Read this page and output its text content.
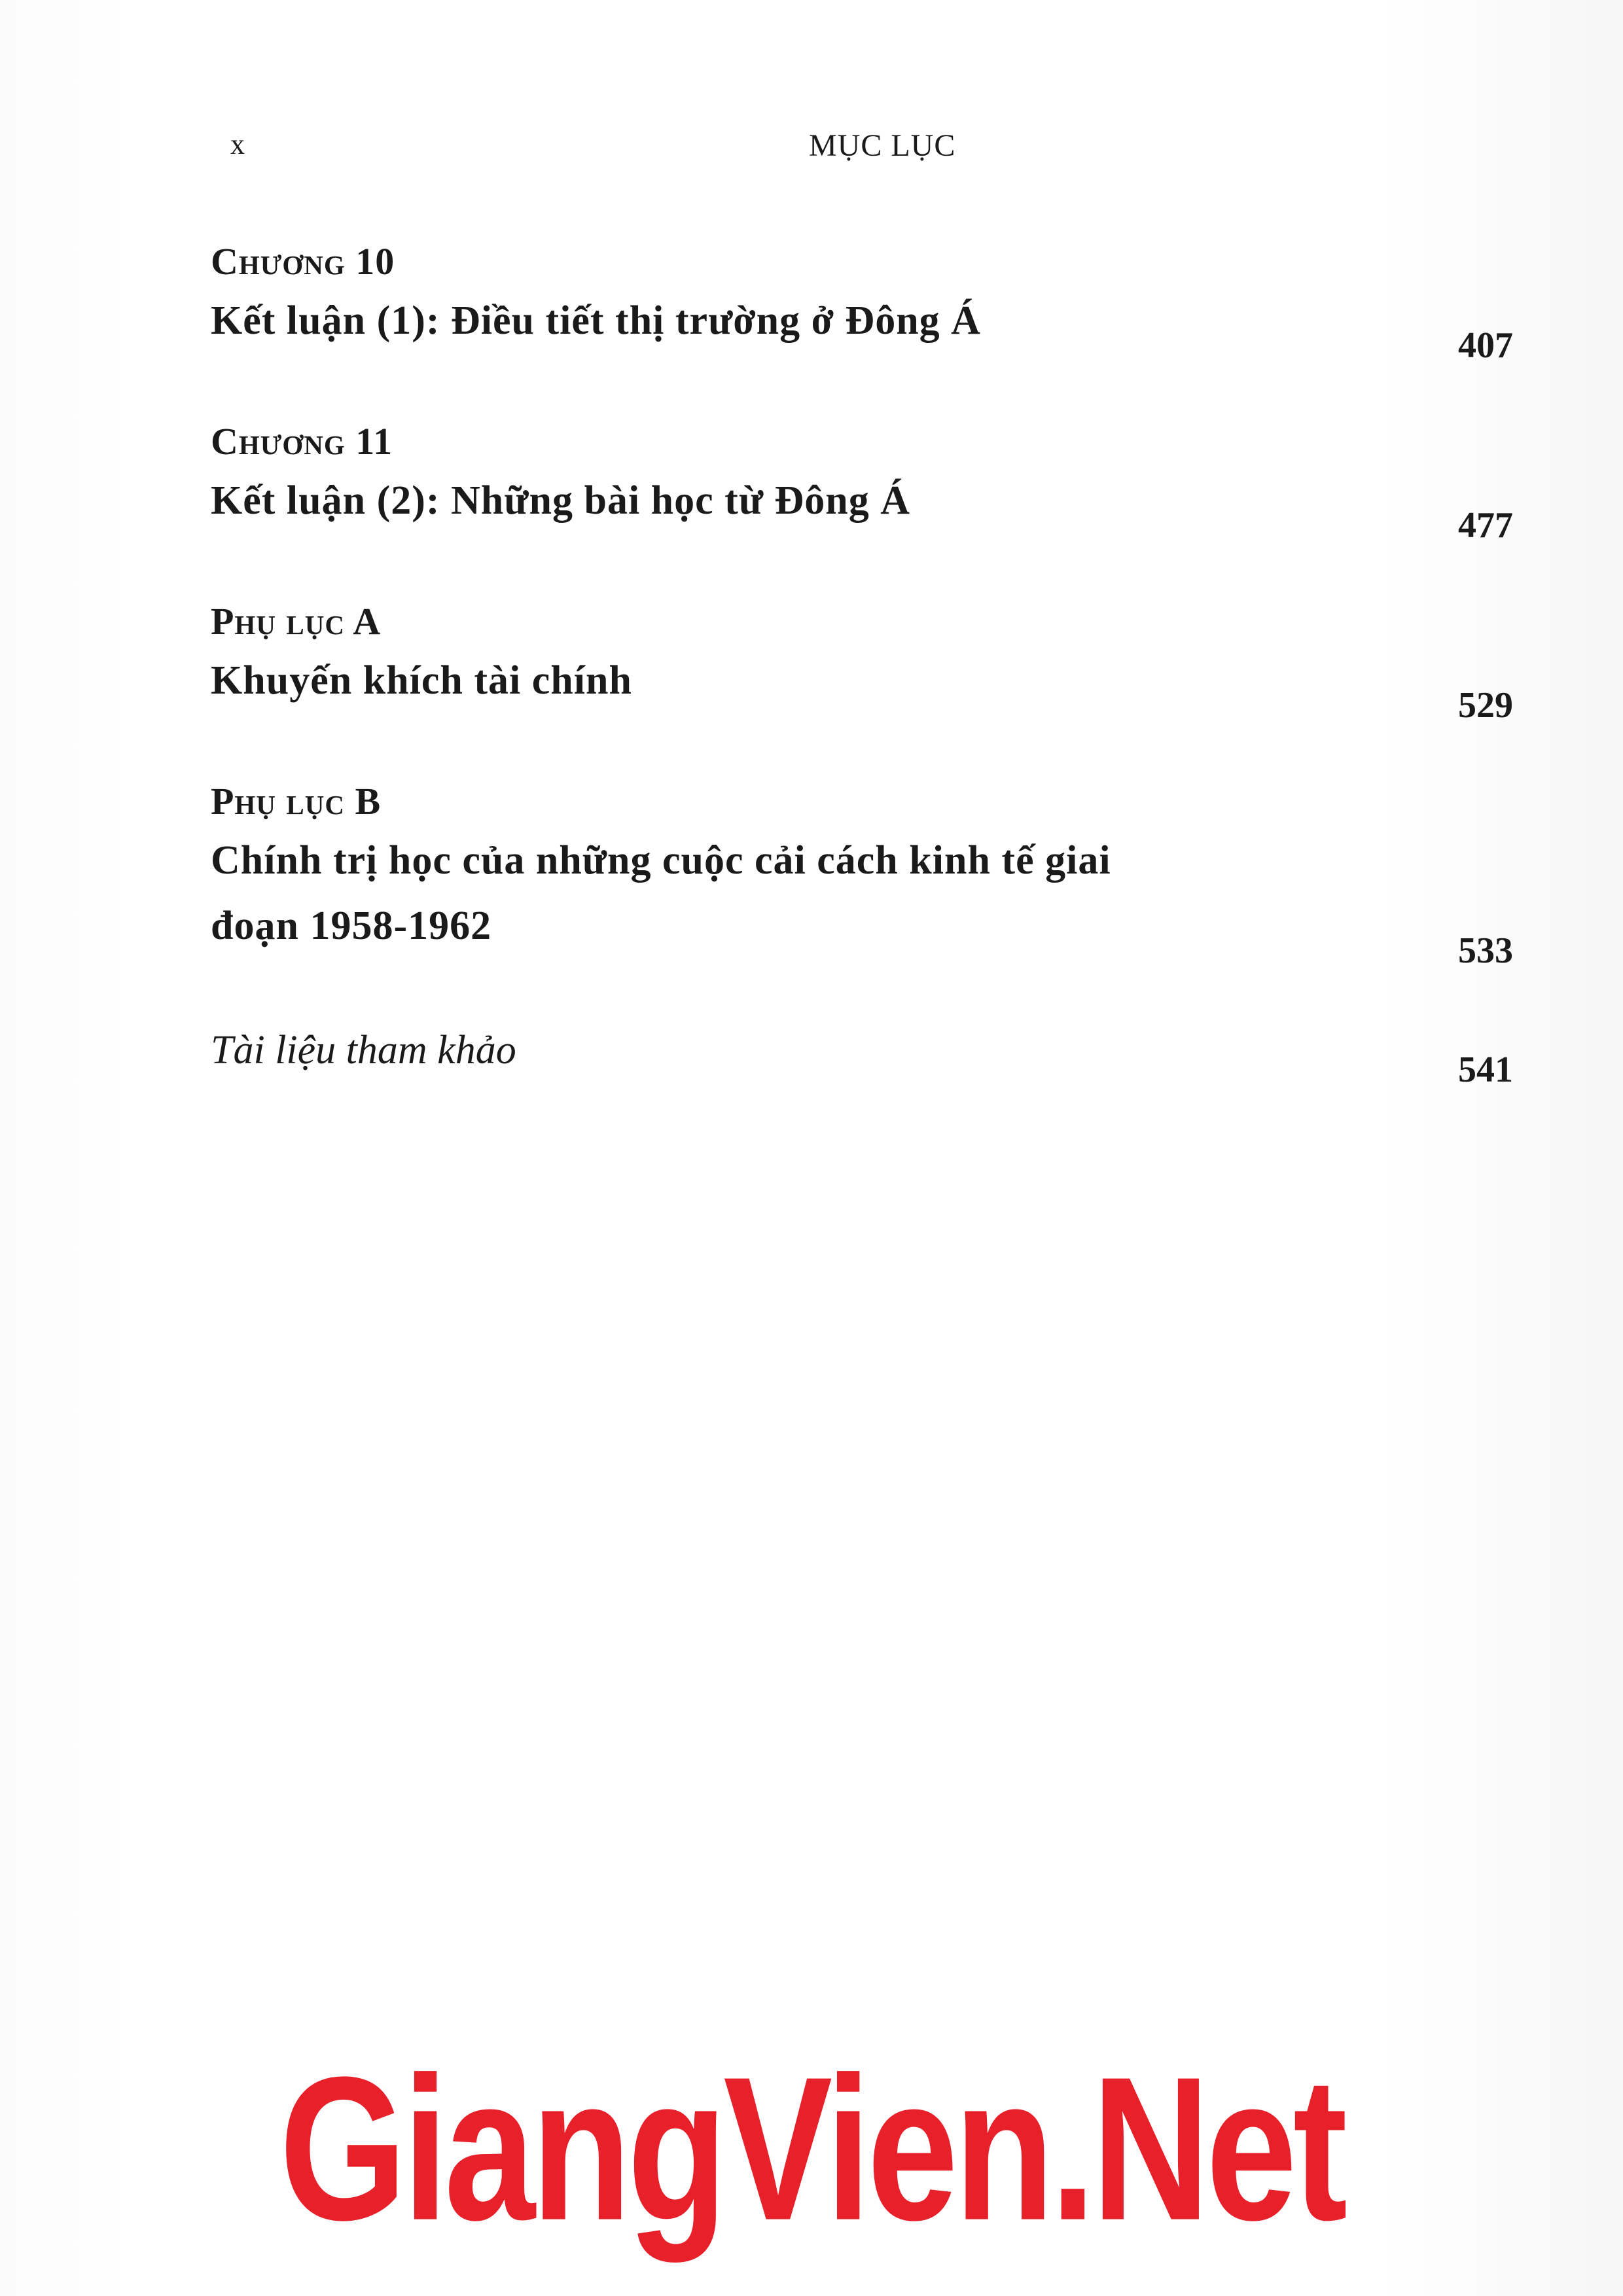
x	MỤC LỤC
Chương 10
Kết luận (1): Điều tiết thị trường ở Đông Á
407
Chương 11
Kết luận (2): Những bài học từ Đông Á
477
Phụ lục A
Khuyến khích tài chính
529
Phụ lục B
Chính trị học của những cuộc cải cách kinh tế giai đoạn 1958-1962
533
Tài liệu tham khảo	541
GiangVien.Net
